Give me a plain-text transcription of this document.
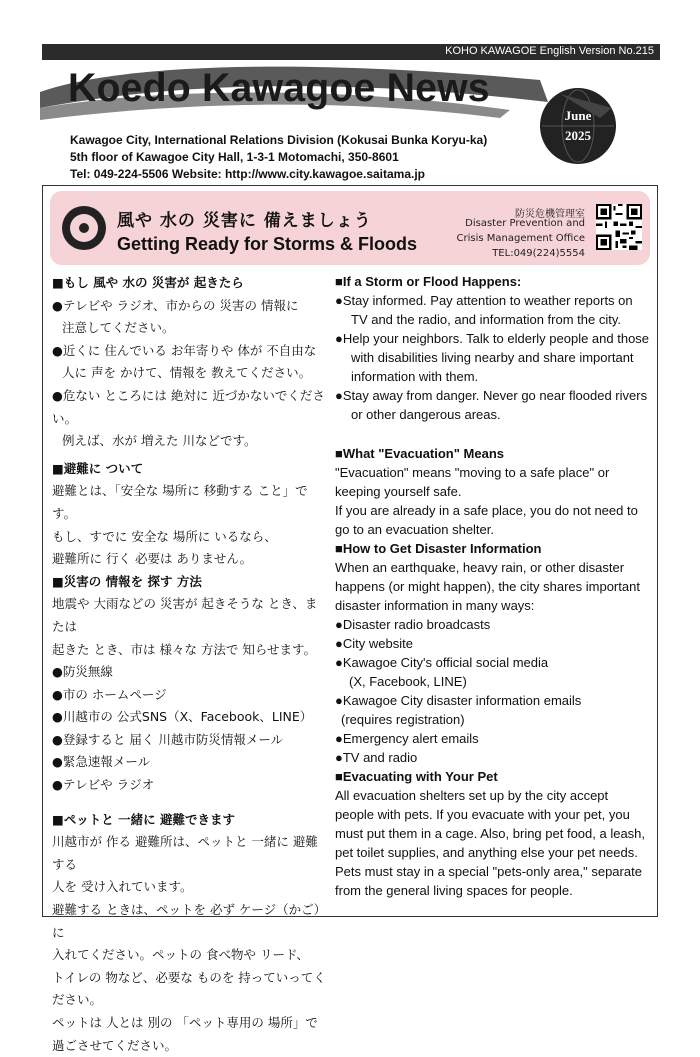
KOHO KAWAGOE English Version No.215
Koedo Kawagoe News
Kawagoe City, International Relations Division (Kokusai Bunka Koryu-ka)
5th floor of Kawagoe City Hall, 1-3-1 Motomachi, 350-8601
Tel: 049-224-5506 Website: http://www.city.kawagoe.saitama.jp
June
2025
風や 水の 災害に 備えましょう
Getting Ready for Storms & Floods
防災危機管理室
Disaster Prevention and
Crisis Management Office
TEL:049(224)5554
■もし 風や 水の 災害が 起きたら
●テレビや ラジオ、市からの 災害の 情報に
注意してください。
●近くに 住んでいる お年寄りや 体が 不自由な
人に 声を かけて、情報を 教えてください。
●危ない ところには 絶対に 近づかないでください。
例えば、水が 増えた 川などです。
■避難に ついて
避難とは、「安全な 場所に 移動する こと」です。
もし、すでに 安全な 場所に いるなら、
避難所に 行く 必要は ありません。
■災害の 情報を 探す 方法
地震や 大雨などの 災害が 起きそうな とき、または
起きた とき、市は 様々な 方法で 知らせます。
●防災無線
●市の ホームページ
●川越市の 公式SNS（X、Facebook、LINE）
●登録すると 届く 川越市防災情報メール
●緊急速報メール
●テレビや ラジオ
■ペットと 一緒に 避難できます
川越市が 作る 避難所は、ペットと 一緒に 避難する
人を 受け入れています。
避難する ときは、ペットを 必ず ケージ（かご）に
入れてください。ペットの 食べ物や リード、
トイレの 物など、必要な ものを 持っていってください。
ペットは 人とは 別の 「ペット専用の 場所」で
過ごさせてください。
■If a Storm or Flood Happens:
●Stay informed. Pay attention to weather reports on TV and the radio, and information from the city.
●Help your neighbors. Talk to elderly people and those with disabilities living nearby and share important information with them.
●Stay away from danger. Never go near flooded rivers or other dangerous areas.
■What "Evacuation" Means
"Evacuation" means "moving to a safe place" or keeping yourself safe.
If you are already in a safe place, you do not need to go to an evacuation shelter.
■How to Get Disaster Information
When an earthquake, heavy rain, or other disaster happens (or might happen), the city shares important disaster information in many ways:
●Disaster radio broadcasts
●City website
●Kawagoe City's official social media
(X, Facebook, LINE)
●Kawagoe City disaster information emails
(requires registration)
●Emergency alert emails
●TV and radio
■Evacuating with Your Pet
All evacuation shelters set up by the city accept people with pets. If you evacuate with your pet, you must put them in a cage. Also, bring pet food, a leash, pet toilet supplies, and anything else your pet needs.
Pets must stay in a special "pets-only area," separate from the general living spaces for people.
